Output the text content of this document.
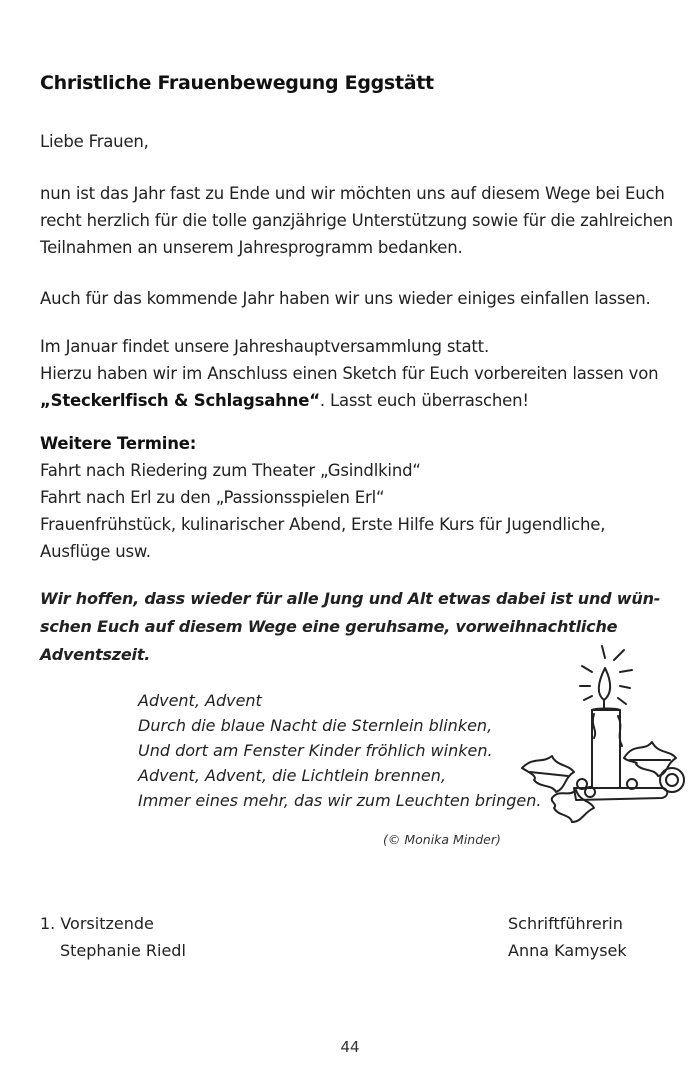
Christliche Frauenbewegung Eggstätt
Liebe Frauen,
nun ist das Jahr fast zu Ende und wir möchten uns auf diesem Wege bei Euch
recht herzlich für die tolle ganzjährige Unterstützung sowie für die zahlreichen
Teilnahmen an unserem Jahresprogramm bedanken.
Auch für das kommende Jahr haben wir uns wieder einiges einfallen lassen.
Im Januar findet unsere Jahreshauptversammlung statt.
Hierzu haben wir im Anschluss einen Sketch für Euch vorbereiten lassen von
„Steckerlfisch & Schlagsahne“. Lasst euch überraschen!
Weitere Termine:
Fahrt nach Riedering zum Theater „Gsindlkind“
Fahrt nach Erl zu den „Passionsspielen Erl“
Frauenfrühstück, kulinarischer Abend, Erste Hilfe Kurs für Jugendliche,
Ausflüge usw.
Wir hoffen, dass wieder für alle Jung und Alt etwas dabei ist und wün-
schen Euch auf diesem Wege eine geruhsame, vorweihnachtliche
Adventszeit.
Advent, Advent
Durch die blaue Nacht die Sternlein blinken,
Und dort am Fenster Kinder fröhlich winken.
Advent, Advent, die Lichtlein brennen,
Immer eines mehr, das wir zum Leuchten bringen.
(© Monika Minder)
1. Vorsitzende
Stephanie Riedl
Schriftführerin
Anna Kamysek
44
